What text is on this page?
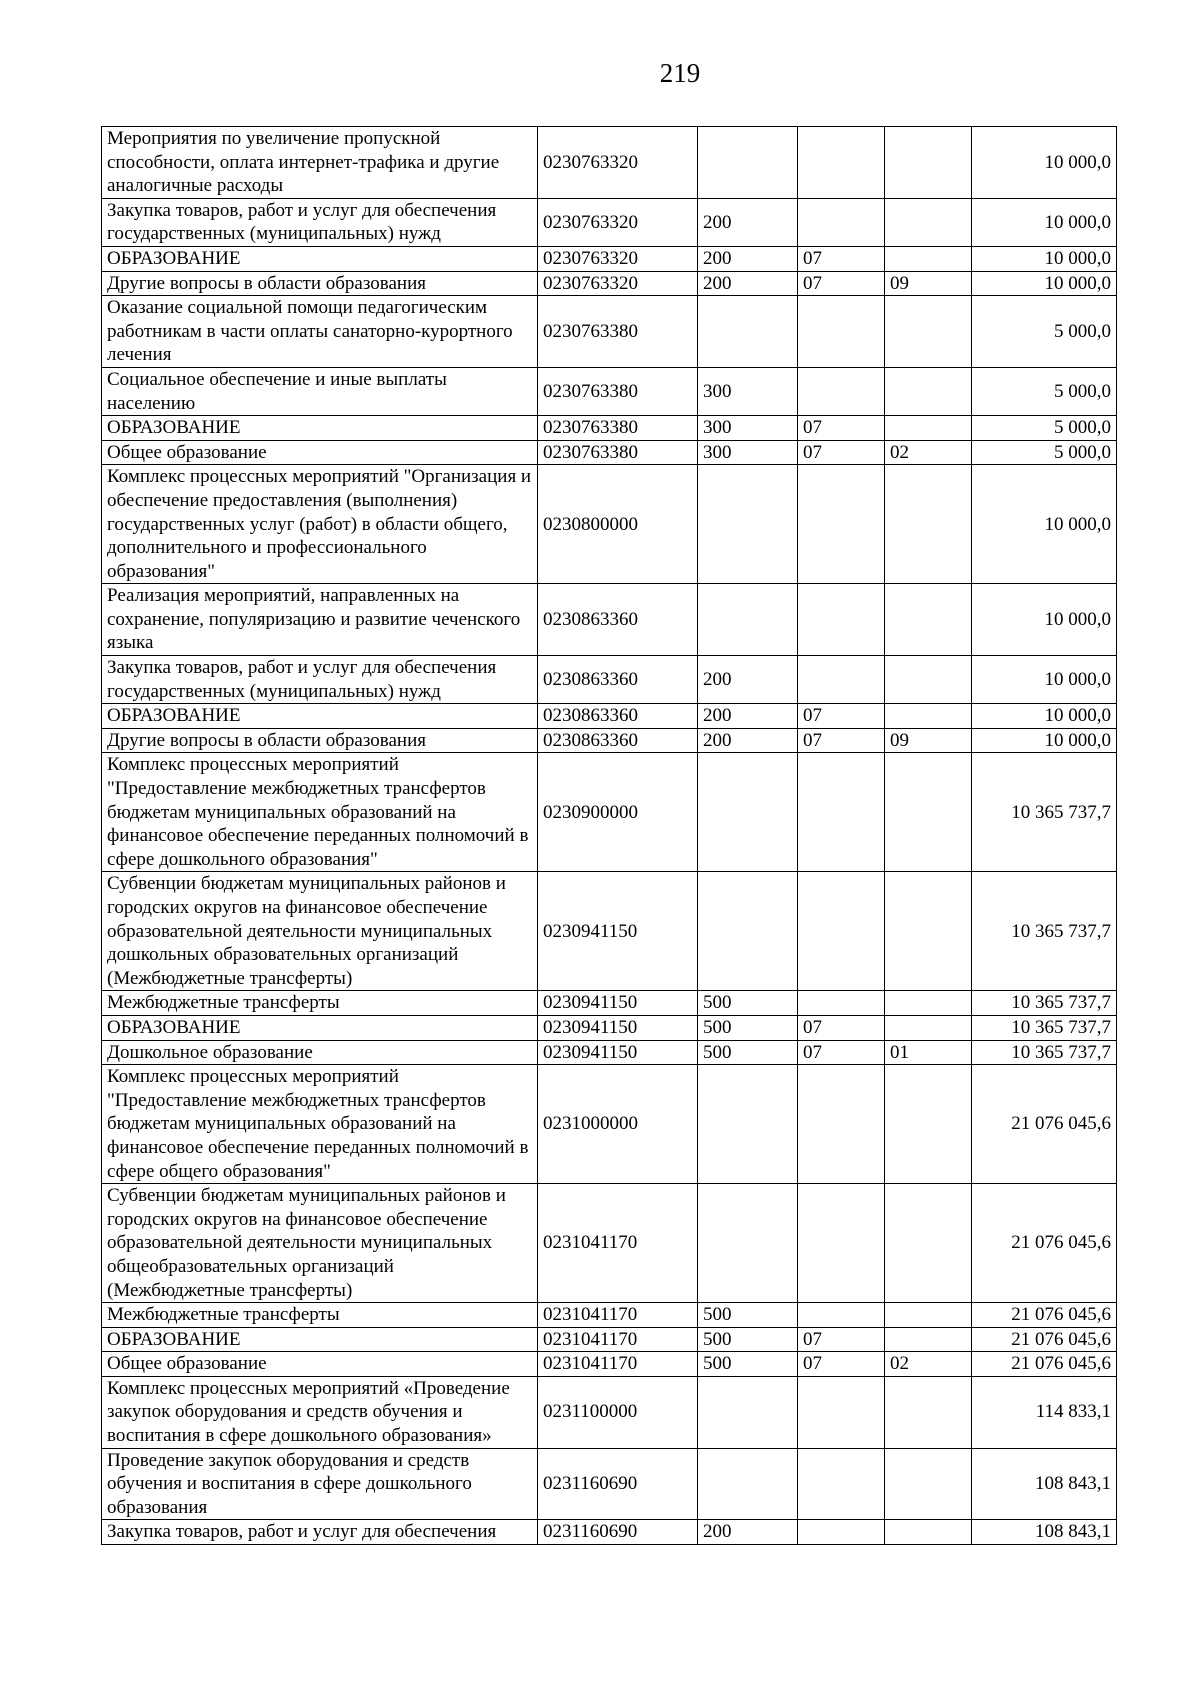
219
Мероприятия по увеличение пропускной способности, оплата интернет-трафика и другие аналогичные расходы	0230763320				10 000,0
Закупка товаров, работ и услуг для обеспечения государственных (муниципальных) нужд	0230763320	200			10 000,0
ОБРАЗОВАНИЕ	0230763320	200	07		10 000,0
Другие вопросы в области образования	0230763320	200	07	09	10 000,0
Оказание социальной помощи педагогическим работникам в части оплаты санаторно-курортного лечения	0230763380				5 000,0
Социальное обеспечение и иные выплаты населению	0230763380	300			5 000,0
ОБРАЗОВАНИЕ	0230763380	300	07		5 000,0
Общее образование	0230763380	300	07	02	5 000,0
Комплекс процессных мероприятий "Организация и обеспечение предоставления (выполнения) государственных услуг (работ) в области общего, дополнительного и профессионального образования"	0230800000				10 000,0
Реализация мероприятий, направленных на сохранение, популяризацию и развитие чеченского языка	0230863360				10 000,0
Закупка товаров, работ и услуг для обеспечения государственных (муниципальных) нужд	0230863360	200			10 000,0
ОБРАЗОВАНИЕ	0230863360	200	07		10 000,0
Другие вопросы в области образования	0230863360	200	07	09	10 000,0
Комплекс процессных мероприятий "Предоставление межбюджетных трансфертов бюджетам муниципальных образований на финансовое обеспечение переданных полномочий в сфере дошкольного образования"	0230900000				10 365 737,7
Субвенции бюджетам муниципальных районов и городских округов на финансовое обеспечение образовательной деятельности муниципальных дошкольных образовательных организаций (Межбюджетные трансферты)	0230941150				10 365 737,7
Межбюджетные трансферты	0230941150	500			10 365 737,7
ОБРАЗОВАНИЕ	0230941150	500	07		10 365 737,7
Дошкольное образование	0230941150	500	07	01	10 365 737,7
Комплекс процессных мероприятий "Предоставление межбюджетных трансфертов бюджетам муниципальных образований на финансовое обеспечение переданных полномочий в сфере общего образования"	0231000000				21 076 045,6
Субвенции бюджетам муниципальных районов и городских округов на финансовое обеспечение образовательной деятельности муниципальных общеобразовательных организаций (Межбюджетные трансферты)	0231041170				21 076 045,6
Межбюджетные трансферты	0231041170	500			21 076 045,6
ОБРАЗОВАНИЕ	0231041170	500	07		21 076 045,6
Общее образование	0231041170	500	07	02	21 076 045,6
Комплекс процессных мероприятий «Проведение закупок оборудования и средств обучения и воспитания в сфере дошкольного образования»	0231100000				114 833,1
Проведение закупок оборудования и средств обучения и воспитания в сфере дошкольного образования	0231160690				108 843,1
Закупка товаров, работ и услуг для обеспечения	0231160690	200			108 843,1
